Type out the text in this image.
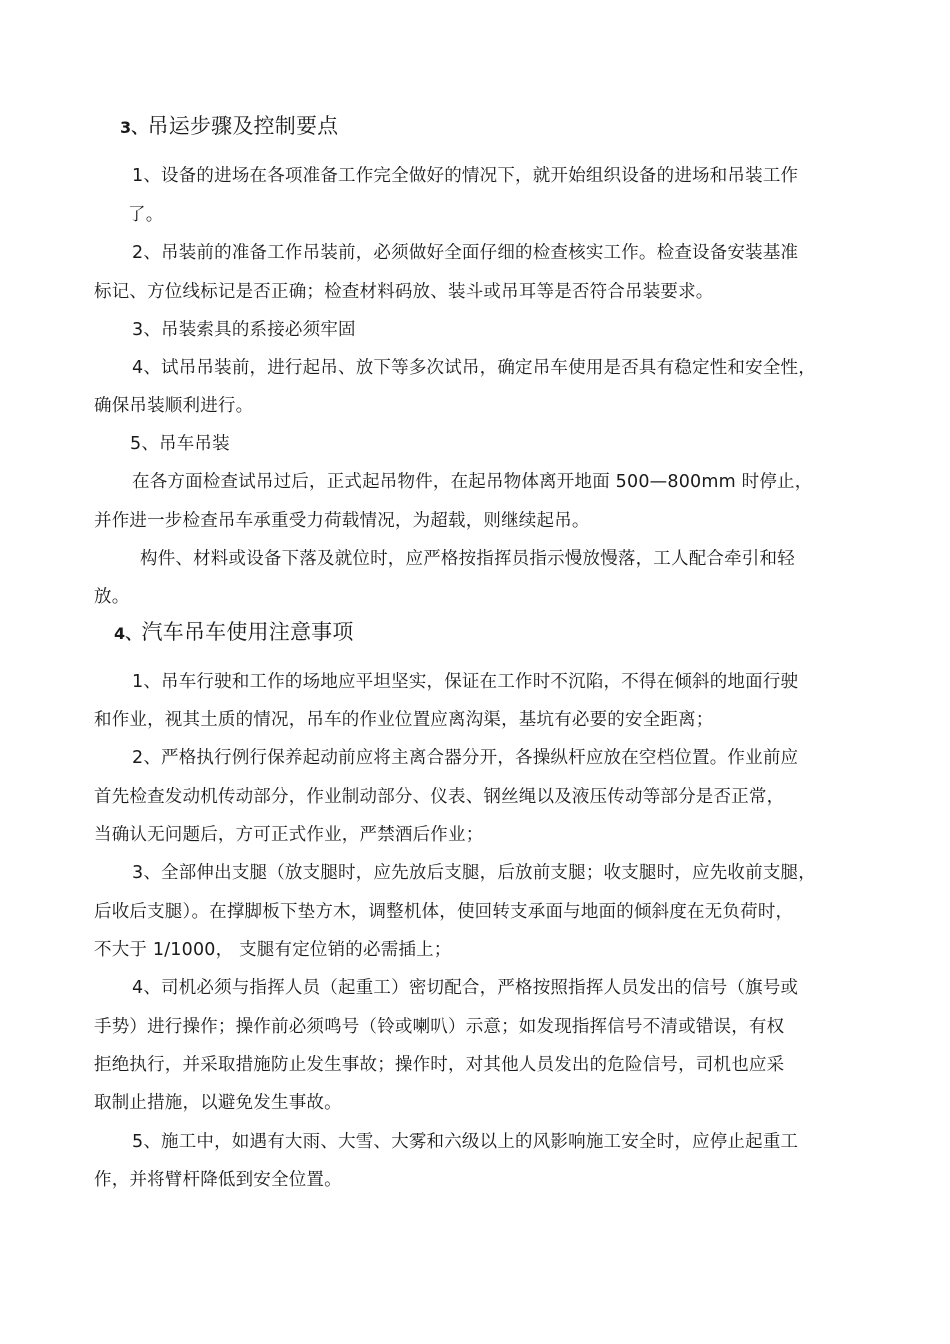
3、吊运步骤及控制要点
1、设备的进场在各项准备工作完全做好的情况下，就开始组织设备的进场和吊装工作
了。
2、吊装前的准备工作吊装前，必须做好全面仔细的检查核实工作。检查设备安装基准
标记、方位线标记是否正确；检查材料码放、装斗或吊耳等是否符合吊装要求。
3、吊装索具的系接必须牢固
4、试吊吊装前，进行起吊、放下等多次试吊，确定吊车使用是否具有稳定性和安全性，
确保吊装顺利进行。
5、吊车吊装
在各方面检查试吊过后，正式起吊物件，在起吊物体离开地面 500—800mm 时停止，
并作进一步检查吊车承重受力荷载情况，为超载，则继续起吊。
构件、材料或设备下落及就位时，应严格按指挥员指示慢放慢落，工人配合牵引和轻
放。
4、汽车吊车使用注意事项
1、吊车行驶和工作的场地应平坦坚实，保证在工作时不沉陷，不得在倾斜的地面行驶
和作业，视其土质的情况，吊车的作业位置应离沟渠，基坑有必要的安全距离；
2、严格执行例行保养起动前应将主离合器分开，各操纵杆应放在空档位置。作业前应
首先检查发动机传动部分，作业制动部分、仪表、钢丝绳以及液压传动等部分是否正常，
当确认无问题后，方可正式作业，严禁酒后作业；
3、全部伸出支腿（放支腿时，应先放后支腿，后放前支腿；收支腿时，应先收前支腿，
后收后支腿）。在撑脚板下垫方木，调整机体，使回转支承面与地面的倾斜度在无负荷时，
不大于 1/1000， 支腿有定位销的必需插上；
4、司机必须与指挥人员（起重工）密切配合，严格按照指挥人员发出的信号（旗号或
手势）进行操作；操作前必须鸣号（铃或喇叭）示意；如发现指挥信号不清或错误，有权
拒绝执行，并采取措施防止发生事故；操作时，对其他人员发出的危险信号，司机也应采
取制止措施，以避免发生事故。
5、施工中，如遇有大雨、大雪、大雾和六级以上的风影响施工安全时，应停止起重工
作，并将臂杆降低到安全位置。
